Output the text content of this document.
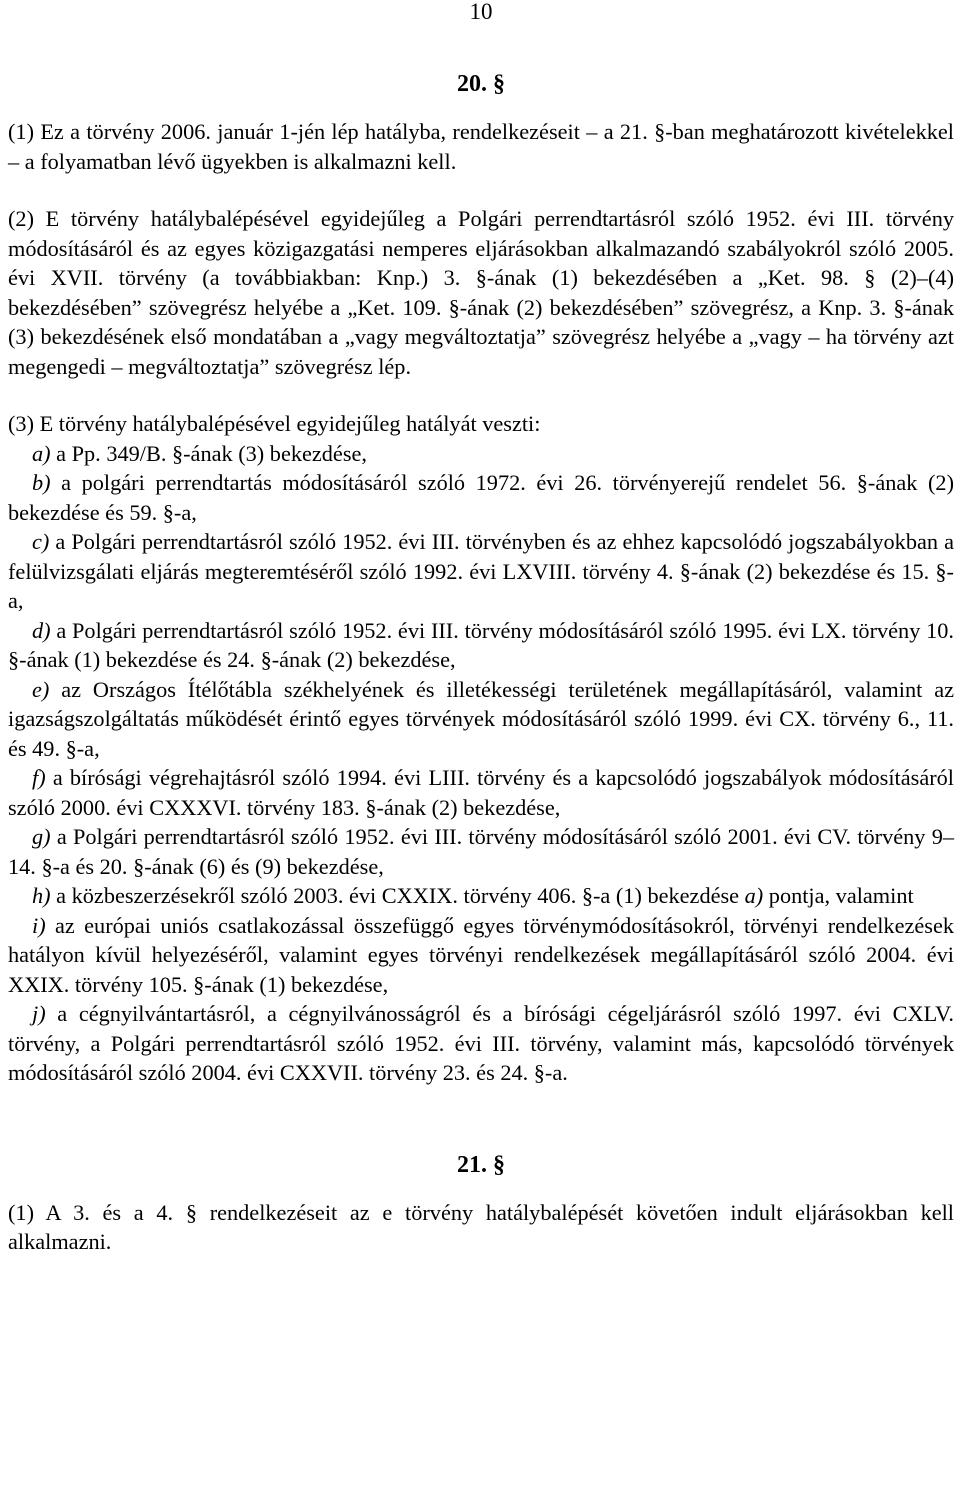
10
20. §

(1) Ez a törvény 2006. január 1-jén lép hatályba, rendelkezéseit – a 21. §-ban meghatározott kivételekkel – a folyamatban lévő ügyekben is alkalmazni kell.

(2) E törvény hatálybalépésével egyidejűleg a Polgári perrendtartásról szóló 1952. évi III. törvény módosításáról és az egyes közigazgatási nemperes eljárásokban alkalmazandó szabályokról szóló 2005. évi XVII. törvény (a továbbiakban: Knp.) 3. §-ának (1) bekezdésében a „Ket. 98. § (2)–(4) bekezdésében” szövegrész helyébe a „Ket. 109. §-ának (2) bekezdésében” szövegrész, a Knp. 3. §-ának (3) bekezdésének első mondatában a „vagy megváltoztatja” szövegrész helyébe a „vagy – ha törvény azt megengedi – megváltoztatja” szövegrész lép.

(3) E törvény hatálybalépésével egyidejűleg hatályát veszti:

a) a Pp. 349/B. §-ának (3) bekezdése,

b) a polgári perrendtartás módosításáról szóló 1972. évi 26. törvényerejű rendelet 56. §-ának (2) bekezdése és 59. §-a,

c) a Polgári perrendtartásról szóló 1952. évi III. törvényben és az ehhez kapcsolódó jogszabályokban a felülvizsgálati eljárás megteremtéséről szóló 1992. évi LXVIII. törvény 4. §-ának (2) bekezdése és 15. §-a,

d) a Polgári perrendtartásról szóló 1952. évi III. törvény módosításáról szóló 1995. évi LX. törvény 10. §-ának (1) bekezdése és 24. §-ának (2) bekezdése,

e) az Országos Ítélőtábla székhelyének és illetékességi területének megállapításáról, valamint az igazságszolgáltatás működését érintő egyes törvények módosításáról szóló 1999. évi CX. törvény 6., 11. és 49. §-a,

f) a bírósági végrehajtásról szóló 1994. évi LIII. törvény és a kapcsolódó jogszabályok módosításáról szóló 2000. évi CXXXVI. törvény 183. §-ának (2) bekezdése,

g) a Polgári perrendtartásról szóló 1952. évi III. törvény módosításáról szóló 2001. évi CV. törvény 9–14. §-a és 20. §-ának (6) és (9) bekezdése,

h) a közbeszerzésekről szóló 2003. évi CXXIX. törvény 406. §-a (1) bekezdése a) pontja, valamint

i) az európai uniós csatlakozással összefüggő egyes törvénymódosításokról, törvényi rendelkezések hatályon kívül helyezéséről, valamint egyes törvényi rendelkezések megállapításáról szóló 2004. évi XXIX. törvény 105. §-ának (1) bekezdése,

j) a cégnyilvántartásról, a cégnyilvánosságról és a bírósági cégeljárásról szóló 1997. évi CXLV. törvény, a Polgári perrendtartásról szóló 1952. évi III. törvény, valamint más, kapcsolódó törvények módosításáról szóló 2004. évi CXXVII. törvény 23. és 24. §-a.

21. §

(1) A 3. és a 4. § rendelkezéseit az e törvény hatálybalépését követően indult eljárásokban kell alkalmazni.
